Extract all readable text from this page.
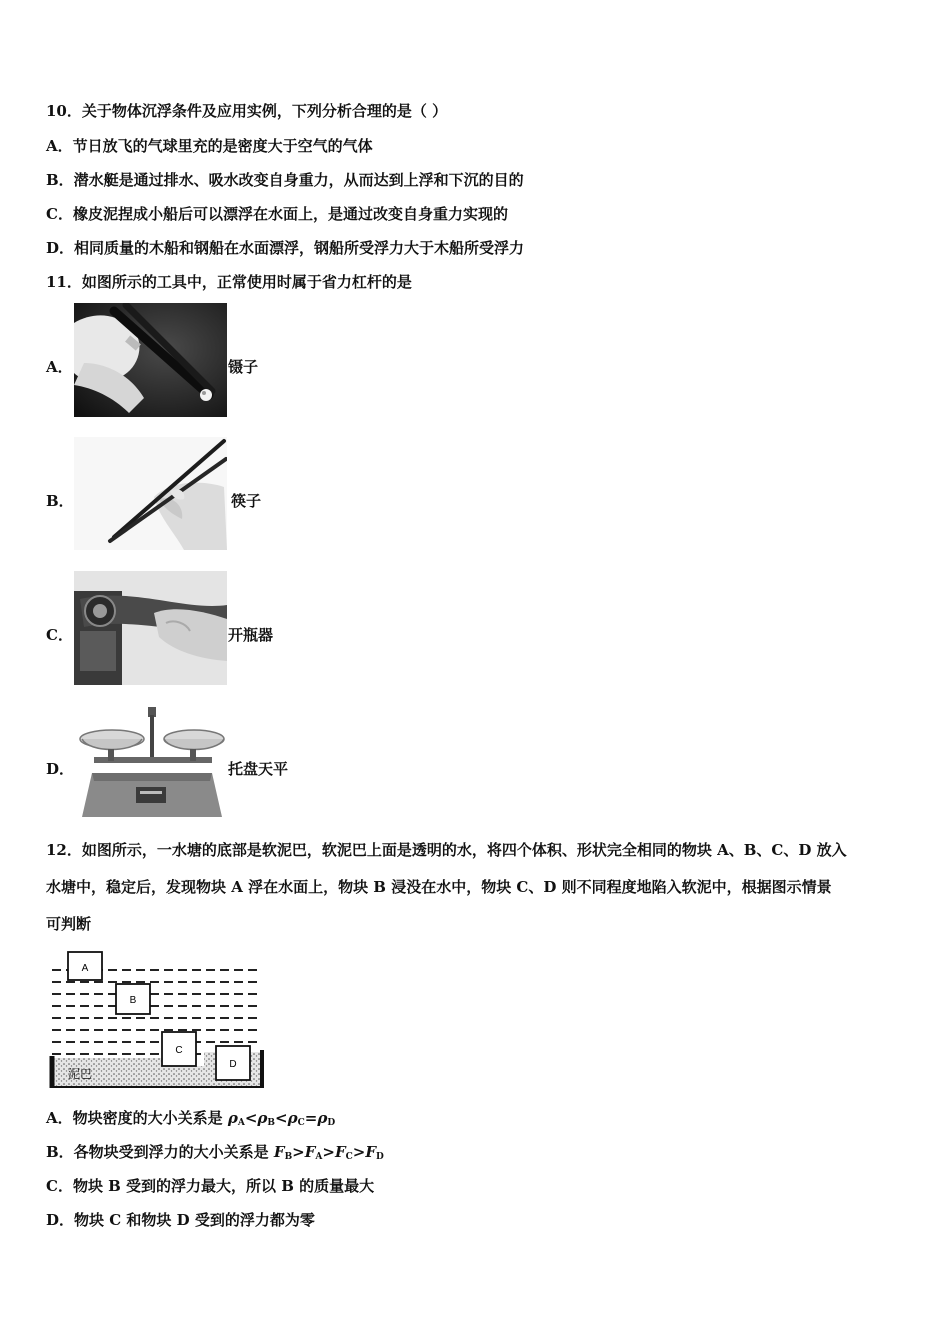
10．关于物体沉浮条件及应用实例，下列分析合理的是（ ）
A．节日放飞的气球里充的是密度大于空气的气体
B．潜水艇是通过排水、吸水改变自身重力，从而达到上浮和下沉的目的
C．橡皮泥捏成小船后可以漂浮在水面上，是通过改变自身重力实现的
D．相同质量的木船和钢船在水面漂浮，钢船所受浮力大于木船所受浮力
11．如图所示的工具中，正常使用时属于省力杠杆的是
A．	镊子
B．	筷子
C．	开瓶器
D．	托盘天平
12．如图所示，一水塘的底部是软泥巴，软泥巴上面是透明的水，将四个体积、形状完全相同的物块 A、B、C、D 放入
水塘中，稳定后，发现物块 A 浮在水面上，物块 B 浸没在水中，物块 C、D 则不同程度地陷入软泥中，根据图示情景
可判断
A
B
C
D
泥巴
A．物块密度的大小关系是 $\rho_A<\rho_B<\rho_C=\rho_D$
B．各物块受到浮力的大小关系是 $F_B>F_A>F_C>F_D$
C．物块 B 受到的浮力最大，所以 B 的质量最大
D．物块 C 和物块 D 受到的浮力都为零
